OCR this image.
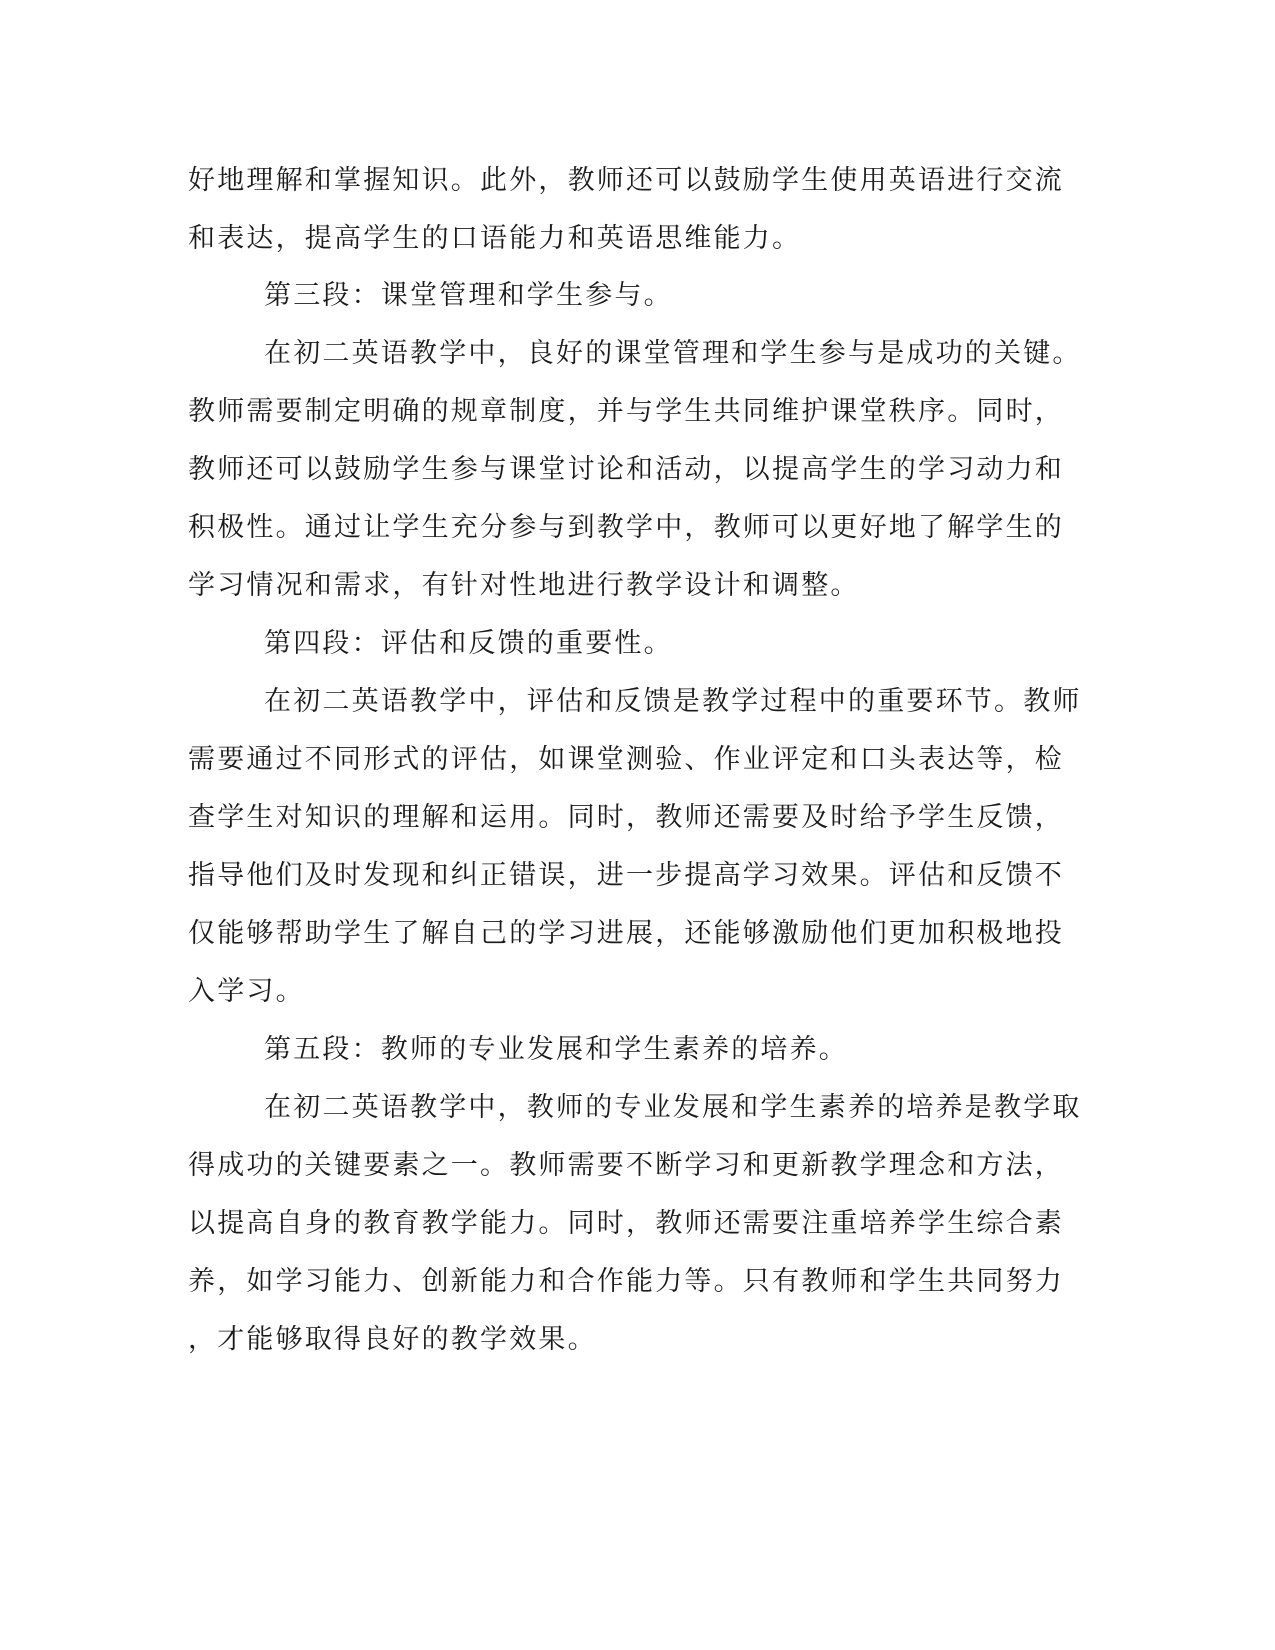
好地理解和掌握知识。此外，教师还可以鼓励学生使用英语进行交流
和表达，提高学生的口语能力和英语思维能力。
第三段：课堂管理和学生参与。
在初二英语教学中，良好的课堂管理和学生参与是成功的关键。
教师需要制定明确的规章制度，并与学生共同维护课堂秩序。同时，
教师还可以鼓励学生参与课堂讨论和活动，以提高学生的学习动力和
积极性。通过让学生充分参与到教学中，教师可以更好地了解学生的
学习情况和需求，有针对性地进行教学设计和调整。
第四段：评估和反馈的重要性。
在初二英语教学中，评估和反馈是教学过程中的重要环节。教师
需要通过不同形式的评估，如课堂测验、作业评定和口头表达等，检
查学生对知识的理解和运用。同时，教师还需要及时给予学生反馈，
指导他们及时发现和纠正错误，进一步提高学习效果。评估和反馈不
仅能够帮助学生了解自己的学习进展，还能够激励他们更加积极地投
入学习。
第五段：教师的专业发展和学生素养的培养。
在初二英语教学中，教师的专业发展和学生素养的培养是教学取
得成功的关键要素之一。教师需要不断学习和更新教学理念和方法，
以提高自身的教育教学能力。同时，教师还需要注重培养学生综合素
养，如学习能力、创新能力和合作能力等。只有教师和学生共同努力
，才能够取得良好的教学效果。
